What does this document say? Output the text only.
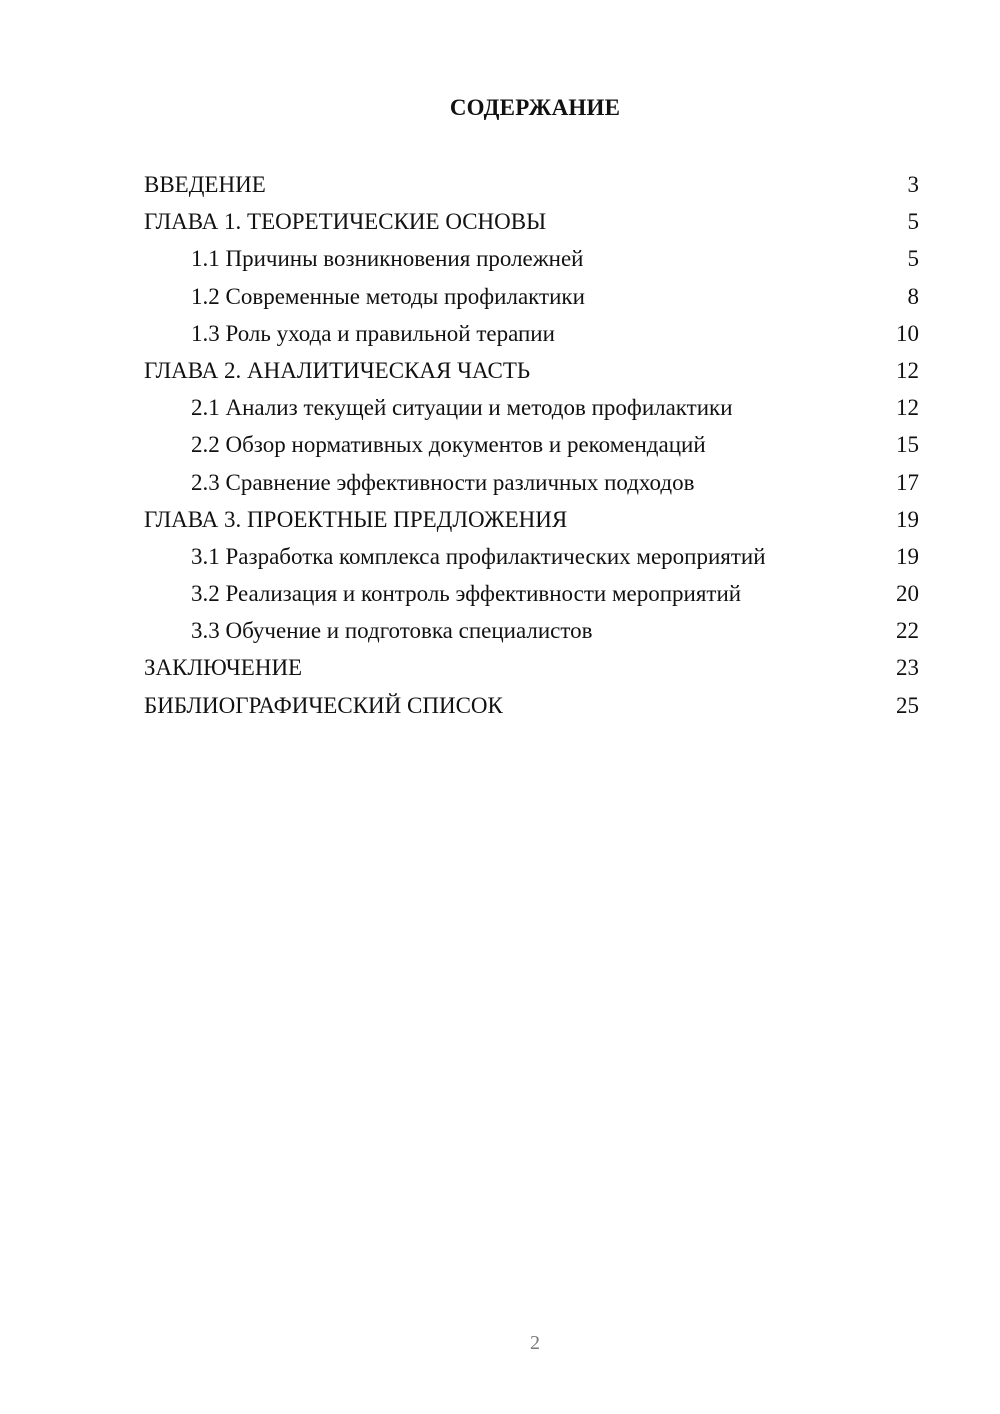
СОДЕРЖАНИЕ
ВВЕДЕНИЕ	3
ГЛАВА 1. ТЕОРЕТИЧЕСКИЕ ОСНОВЫ	5
1.1 Причины возникновения пролежней	5
1.2 Современные методы профилактики	8
1.3 Роль ухода и правильной терапии	10
ГЛАВА 2. АНАЛИТИЧЕСКАЯ ЧАСТЬ	12
2.1 Анализ текущей ситуации и методов профилактики	12
2.2 Обзор нормативных документов и рекомендаций	15
2.3 Сравнение эффективности различных подходов	17
ГЛАВА 3. ПРОЕКТНЫЕ ПРЕДЛОЖЕНИЯ	19
3.1 Разработка комплекса профилактических мероприятий	19
3.2 Реализация и контроль эффективности мероприятий	20
3.3 Обучение и подготовка специалистов	22
ЗАКЛЮЧЕНИЕ	23
БИБЛИОГРАФИЧЕСКИЙ СПИСОК	25
2
